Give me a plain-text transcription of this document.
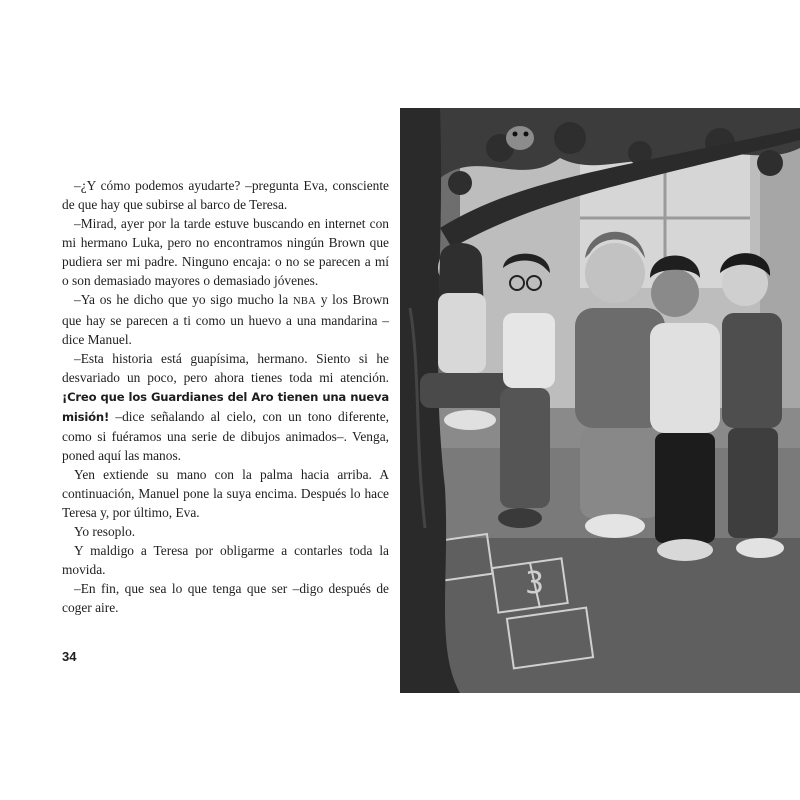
–¿Y cómo podemos ayudarte? –pregunta Eva, consciente de que hay que subirse al barco de Teresa.

–Mirad, ayer por la tarde estuve buscando en internet con mi hermano Luka, pero no encontramos ningún Brown que pudiera ser mi padre. Ninguno encaja: o no se parecen a mí o son demasiado mayores o demasiado jóvenes.

–Ya os he dicho que yo sigo mucho la NBA y los Brown que hay se parecen a ti como un huevo a una mandarina –dice Manuel.

–Esta historia está guapísima, hermano. Siento si he desvariado un poco, pero ahora tienes toda mi atención. ¡Creo que los Guardianes del Aro tienen una nueva misión! –dice señalando al cielo, con un tono diferente, como si fuéramos una serie de dibujos animados–. Venga, poned aquí las manos.

Yen extiende su mano con la palma hacia arriba. A continuación, Manuel pone la suya encima. Después lo hace Teresa y, por último, Eva.

Yo resoplo.

Y maldigo a Teresa por obligarme a contarles toda la movida.

–En fin, que sea lo que tenga que ser –digo después de coger aire.

34
3
